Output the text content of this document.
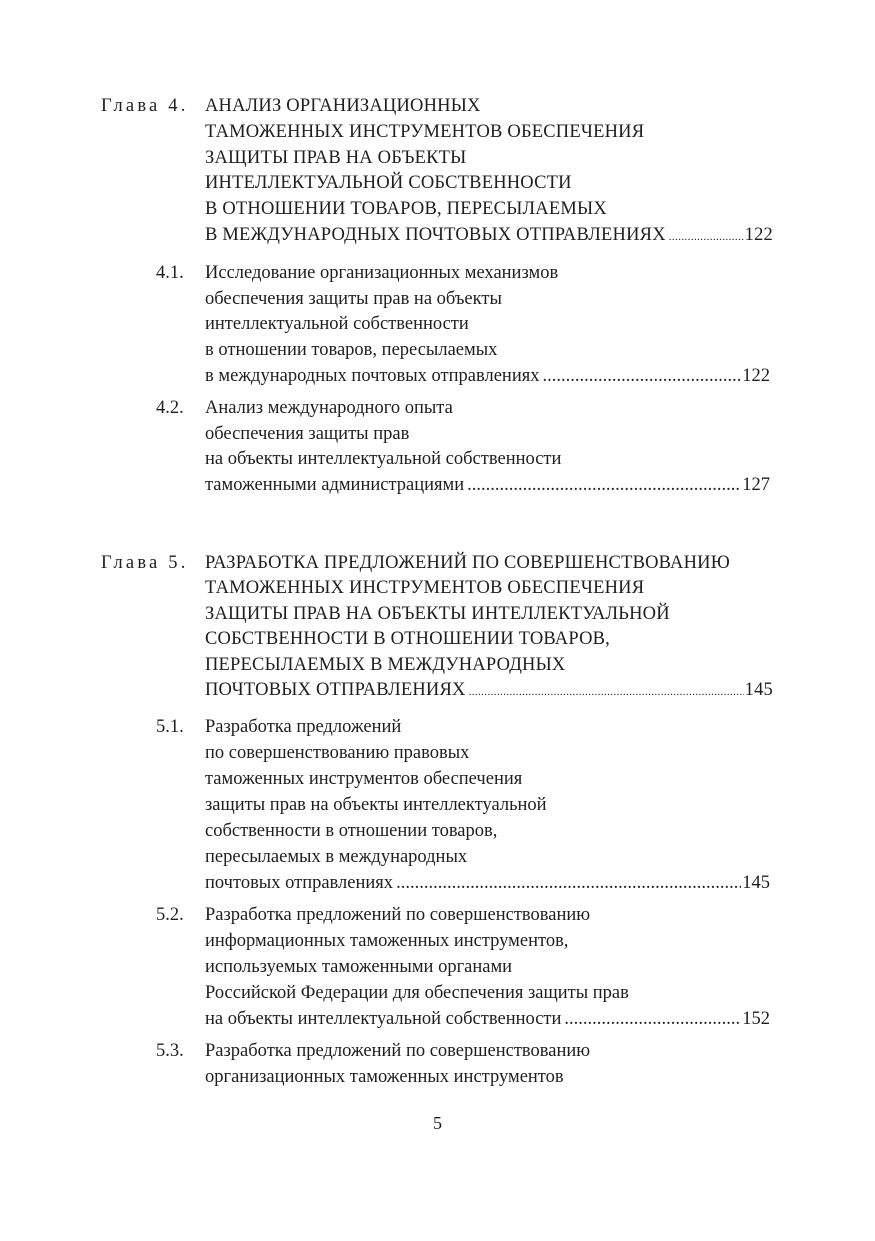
Глава 4. АНАЛИЗ ОРГАНИЗАЦИОННЫХ
ТАМОЖЕННЫХ ИНСТРУМЕНТОВ ОБЕСПЕЧЕНИЯ
ЗАЩИТЫ ПРАВ НА ОБЪЕКТЫ
ИНТЕЛЛЕКТУАЛЬНОЙ СОБСТВЕННОСТИ
В ОТНОШЕНИИ ТОВАРОВ, ПЕРЕСЫЛАЕМЫХ
В МЕЖДУНАРОДНЫХ ПОЧТОВЫХ ОТПРАВЛЕНИЯХ .....	122
4.1. Исследование организационных механизмов
обеспечения защиты прав на объекты
интеллектуальной собственности
в отношении товаров, пересылаемых
в международных почтовых отправлениях .....	122
4.2. Анализ международного опыта
обеспечения защиты прав
на объекты интеллектуальной собственности
таможенными администрациями .....	127
Глава 5. РАЗРАБОТКА ПРЕДЛОЖЕНИЙ ПО СОВЕРШЕНСТВОВАНИЮ
ТАМОЖЕННЫХ ИНСТРУМЕНТОВ ОБЕСПЕЧЕНИЯ
ЗАЩИТЫ ПРАВ НА ОБЪЕКТЫ ИНТЕЛЛЕКТУАЛЬНОЙ
СОБСТВЕННОСТИ В ОТНОШЕНИИ ТОВАРОВ,
ПЕРЕСЫЛАЕМЫХ В МЕЖДУНАРОДНЫХ
ПОЧТОВЫХ ОТПРАВЛЕНИЯХ .....	145
5.1. Разработка предложений
по совершенствованию правовых
таможенных инструментов обеспечения
защиты прав на объекты интеллектуальной
собственности в отношении товаров,
пересылаемых в международных
почтовых отправлениях .....	145
5.2. Разработка предложений по совершенствованию
информационных таможенных инструментов,
используемых таможенными органами
Российской Федерации для обеспечения защиты прав
на объекты интеллектуальной собственности .....	152
5.3. Разработка предложений по совершенствованию
организационных таможенных инструментов
5
